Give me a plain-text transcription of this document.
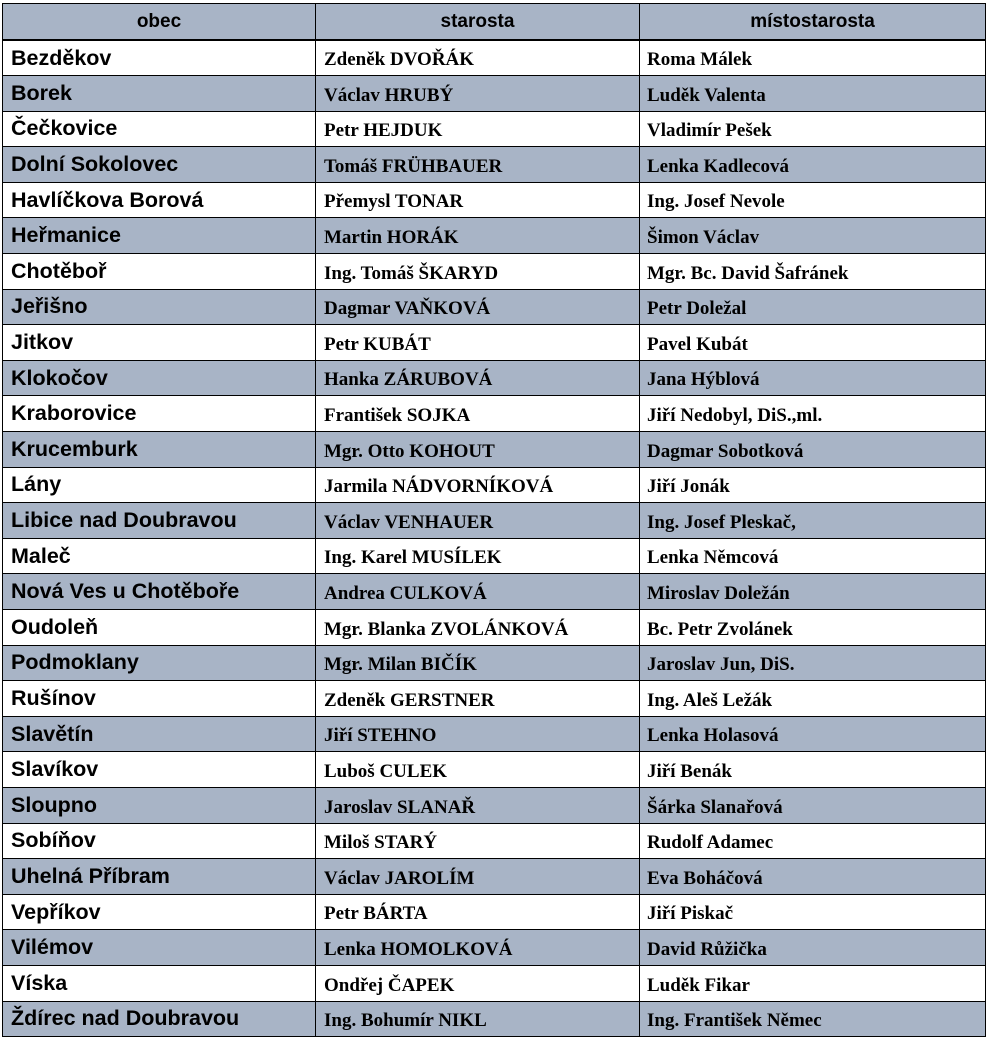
obec	starosta	místostarosta
Bezděkov	Zdeněk DVOŘÁK	Roma Málek
Borek	Václav HRUBÝ	Luděk Valenta
Čečkovice	Petr HEJDUK	Vladimír Pešek
Dolní Sokolovec	Tomáš FRÜHBAUER	Lenka Kadlecová
Havlíčkova Borová	Přemysl TONAR	Ing. Josef Nevole
Heřmanice	Martin HORÁK	Šimon Václav
Chotěboř	Ing. Tomáš ŠKARYD	Mgr. Bc. David Šafránek
Jeřišno	Dagmar VAŇKOVÁ	Petr Doležal
Jitkov	Petr KUBÁT	Pavel Kubát
Klokočov	Hanka ZÁRUBOVÁ	Jana Hýblová
Kraborovice	František SOJKA	Jiří Nedobyl, DiS.,ml.
Krucemburk	Mgr. Otto KOHOUT	Dagmar Sobotková
Lány	Jarmila NÁDVORNÍKOVÁ	Jiří Jonák
Libice nad Doubravou	Václav VENHAUER	Ing. Josef Pleskač,
Maleč	Ing. Karel MUSÍLEK	Lenka Němcová
Nová Ves u Chotěboře	Andrea CULKOVÁ	Miroslav Doležán
Oudoleň	Mgr. Blanka ZVOLÁNKOVÁ	Bc. Petr Zvolánek
Podmoklany	Mgr. Milan BIČÍK	Jaroslav Jun, DiS.
Rušínov	Zdeněk GERSTNER	Ing. Aleš Ležák
Slavětín	Jiří STEHNO	Lenka Holasová
Slavíkov	Luboš CULEK	Jiří Benák
Sloupno	Jaroslav SLANAŘ	Šárka Slanařová
Sobíňov	Miloš STARÝ	Rudolf Adamec
Uhelná Příbram	Václav JAROLÍM	Eva Boháčová
Vepříkov	Petr BÁRTA	Jiří Piskač
Vilémov	Lenka HOMOLKOVÁ	David Růžička
Víska	Ondřej ČAPEK	Luděk Fikar
Ždírec nad Doubravou	Ing. Bohumír NIKL	Ing. František Němec
